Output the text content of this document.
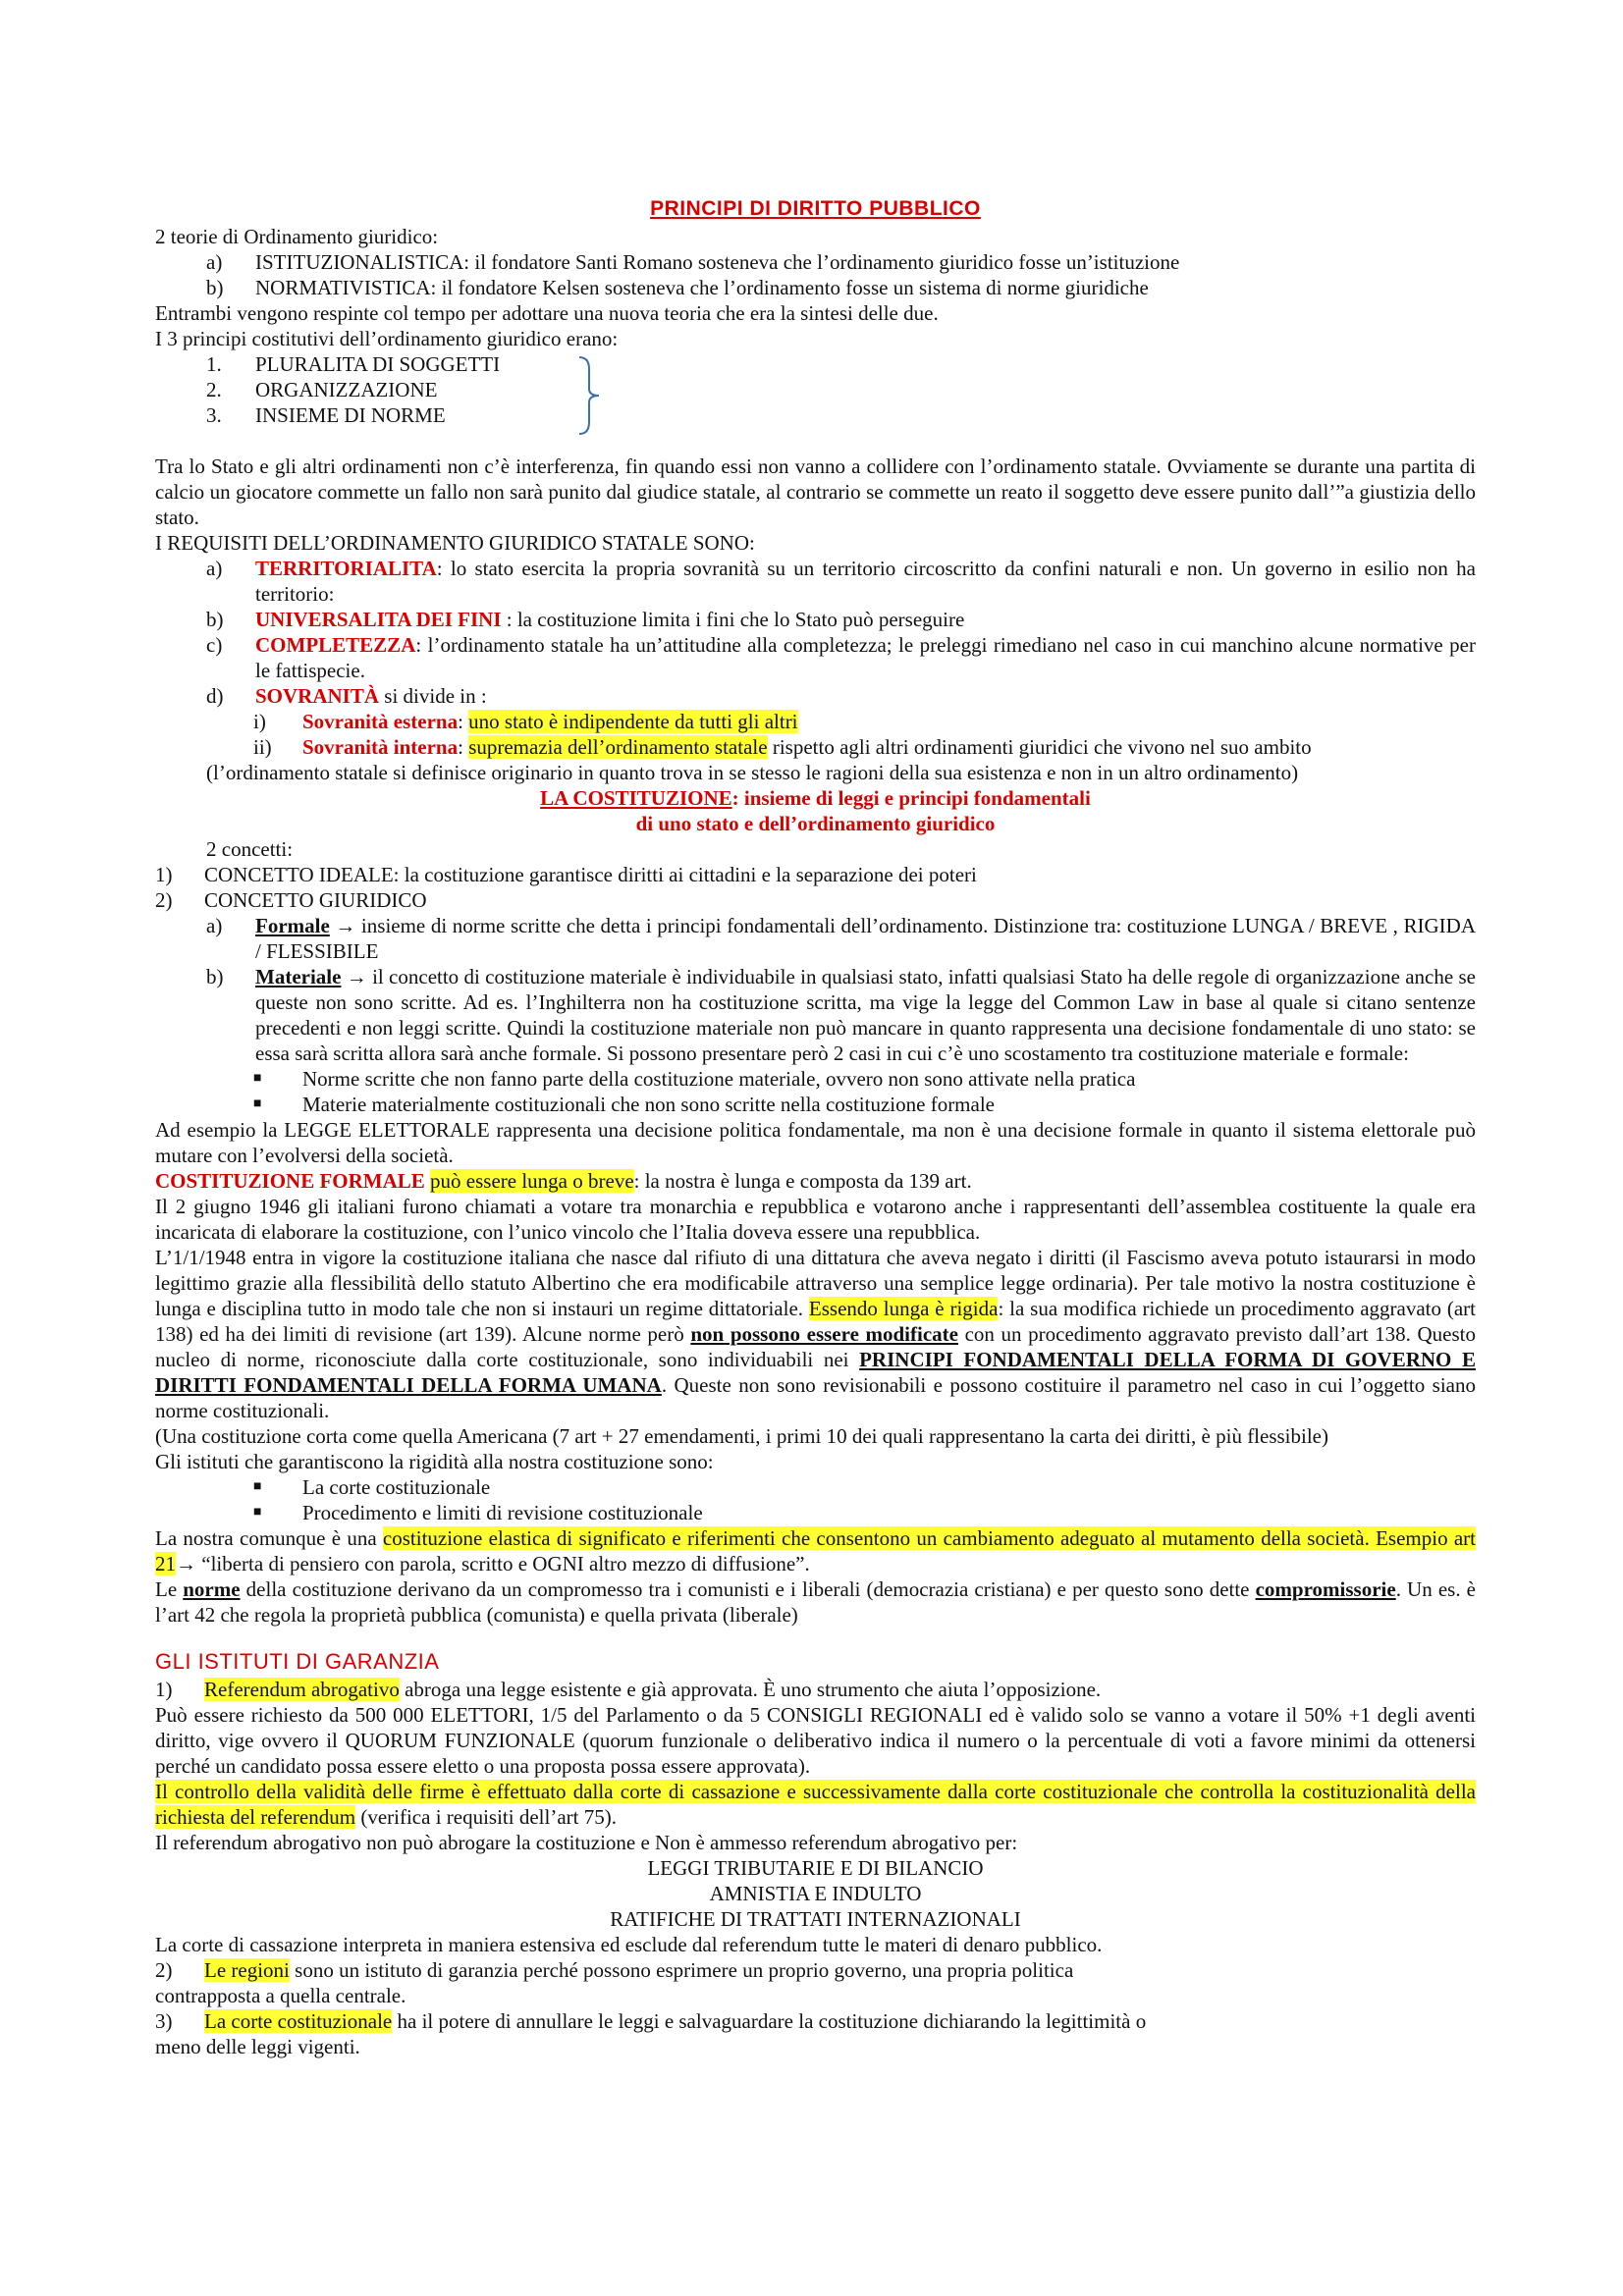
PRINCIPI DI DIRITTO PUBBLICO

2 teorie di Ordinamento giuridico:

a)	ISTITUZIONALISTICA: il fondatore Santi Romano sosteneva che l’ordinamento giuridico fosse un’istituzione
b)	NORMATIVISTICA: il fondatore Kelsen sosteneva che l’ordinamento fosse un sistema di norme giuridiche

Entrambi vengono respinte col tempo per adottare una nuova teoria che era la sintesi delle due.

I 3 principi costitutivi dell’ordinamento giuridico erano:

1.	PLURALITA DI SOGGETTI
2.	ORGANIZZAZIONE
3.	INSIEME DI NORME

Tra lo Stato e gli altri ordinamenti non c’è interferenza, fin quando essi non vanno a collidere con l’ordinamento statale. Ovviamente se durante una partita di calcio un giocatore commette un fallo non sarà punito dal giudice statale, al contrario se commette un reato il soggetto deve essere punito dall’”a giustizia dello stato.

I REQUISITI DELL’ORDINAMENTO GIURIDICO STATALE SONO:

a)	TERRITORIALITA: lo stato esercita la propria sovranità su un territorio circoscritto da confini naturali e non. Un governo in esilio non ha territorio:
b)	UNIVERSALITA DEI FINI : la costituzione limita i fini che lo Stato può perseguire
c)	COMPLETEZZA: l’ordinamento statale ha un’attitudine alla completezza; le preleggi rimediano nel caso in cui manchino alcune normative per le fattispecie.
d)	SOVRANITÀ si divide in :
i)	Sovranità esterna: uno stato è indipendente da tutti gli altri
ii)	Sovranità interna: supremazia dell’ordinamento statale rispetto agli altri ordinamenti giuridici che vivono nel suo ambito

(l’ordinamento statale si definisce originario in quanto trova in se stesso le ragioni della sua esistenza e non in un altro ordinamento)

LA COSTITUZIONE: insieme di leggi e principi fondamentali

di uno stato e dell’ordinamento giuridico

2 concetti:

1)	CONCETTO IDEALE: la costituzione garantisce diritti ai cittadini e la separazione dei poteri
2)	CONCETTO GIURIDICO
a)	Formale → insieme di norme scritte che detta i principi fondamentali dell’ordinamento. Distinzione tra: costituzione LUNGA / BREVE , RIGIDA / FLESSIBILE
b)	Materiale → il concetto di costituzione materiale è individuabile in qualsiasi stato, infatti qualsiasi Stato ha delle regole di organizzazione anche se queste non sono scritte. Ad es. l’Inghilterra non ha costituzione scritta, ma vige la legge del Common Law in base al quale si citano sentenze precedenti e non leggi scritte. Quindi la costituzione materiale non può mancare in quanto rappresenta una decisione fondamentale di uno stato: se essa sarà scritta allora sarà anche formale. Si possono presentare però 2 casi in cui c’è uno scostamento tra costituzione materiale e formale:
■	Norme scritte che non fanno parte della costituzione materiale, ovvero non sono attivate nella pratica
■	Materie materialmente costituzionali che non sono scritte nella costituzione formale

Ad esempio la LEGGE ELETTORALE rappresenta una decisione politica fondamentale, ma non è una decisione formale in quanto il sistema elettorale può mutare con l’evolversi della società.

COSTITUZIONE FORMALE può essere lunga o breve: la nostra è lunga e composta da 139 art.

Il 2 giugno 1946 gli italiani furono chiamati a votare tra monarchia e repubblica e votarono anche i rappresentanti dell’assemblea costituente la quale era incaricata di elaborare la costituzione, con l’unico vincolo che l’Italia doveva essere una repubblica.

L’1/1/1948 entra in vigore la costituzione italiana che nasce dal rifiuto di una dittatura che aveva negato i diritti (il Fascismo aveva potuto istaurarsi in modo legittimo grazie alla flessibilità dello statuto Albertino che era modificabile attraverso una semplice legge ordinaria). Per tale motivo la nostra costituzione è lunga e disciplina tutto in modo tale che non si instauri un regime dittatoriale. Essendo lunga è rigida: la sua modifica richiede un procedimento aggravato (art 138) ed ha dei limiti di revisione (art 139). Alcune norme però non possono essere modificate con un procedimento aggravato previsto dall’art 138. Questo nucleo di norme, riconosciute dalla corte costituzionale, sono individuabili nei PRINCIPI FONDAMENTALI DELLA FORMA DI GOVERNO E DIRITTI FONDAMENTALI DELLA FORMA UMANA. Queste non sono revisionabili e possono costituire il parametro nel caso in cui l’oggetto siano norme costituzionali.

(Una costituzione corta come quella Americana (7 art + 27 emendamenti, i primi 10 dei quali rappresentano la carta dei diritti, è più flessibile)

Gli istituti che garantiscono la rigidità alla nostra costituzione sono:

■	La corte costituzionale
■	Procedimento e limiti di revisione costituzionale

La nostra comunque è una costituzione elastica di significato e riferimenti che consentono un cambiamento adeguato al mutamento della società. Esempio art 21→ “liberta di pensiero con parola, scritto e OGNI altro mezzo di diffusione”.

Le norme della costituzione derivano da un compromesso tra i comunisti e i liberali (democrazia cristiana) e per questo sono dette compromissorie. Un es. è l’art 42 che regola la proprietà pubblica (comunista) e quella privata (liberale)

GLI ISTITUTI DI GARANZIA
1)	Referendum abrogativo abroga una legge esistente e già approvata. È uno strumento che aiuta l’opposizione.

Può essere richiesto da 500 000 ELETTORI, 1/5 del Parlamento o da 5 CONSIGLI REGIONALI ed è valido solo se vanno a votare il 50% +1 degli aventi diritto, vige ovvero il QUORUM FUNZIONALE (quorum funzionale o deliberativo indica il numero o la percentuale di voti a favore minimi da ottenersi perché un candidato possa essere eletto o una proposta possa essere approvata).

Il controllo della validità delle firme è effettuato dalla corte di cassazione e successivamente dalla corte costituzionale che controlla la costituzionalità della richiesta del referendum (verifica i requisiti dell’art 75).

Il referendum abrogativo non può abrogare la costituzione e Non è ammesso referendum abrogativo per:

LEGGI TRIBUTARIE E DI BILANCIO

AMNISTIA E INDULTO

RATIFICHE DI TRATTATI INTERNAZIONALI

La corte di cassazione interpreta in maniera estensiva ed esclude dal referendum tutte le materi di denaro pubblico.

2)	Le regioni sono un istituto di garanzia perché possono esprimere un proprio governo, una propria politica

contrapposta a quella centrale.

3)	La corte costituzionale ha il potere di annullare le leggi e salvaguardare la costituzione dichiarando la legittimità o

meno delle leggi vigenti.
